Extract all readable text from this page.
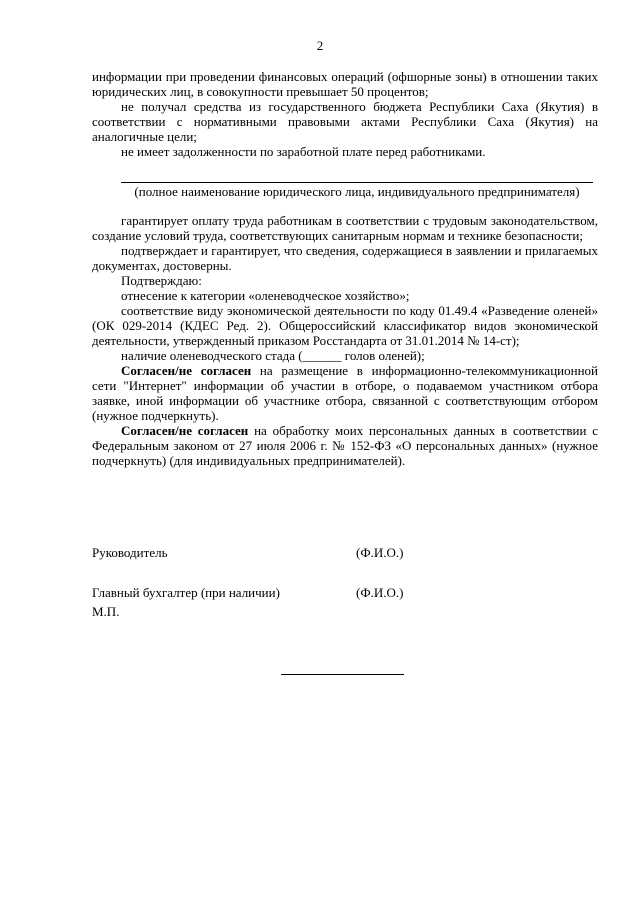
2

информации при проведении финансовых операций (офшорные зоны) в отношении таких юридических лиц, в совокупности превышает 50 процентов;

не получал средства из государственного бюджета Республики Саха (Якутия) в соответствии с нормативными правовыми актами Республики Саха (Якутия) на аналогичные цели;

не имеет задолженности по заработной плате перед работниками.

(полное наименование юридического лица, индивидуального предпринимателя)

гарантирует оплату труда работникам в соответствии с трудовым законодательством, создание условий труда, соответствующих санитарным нормам и технике безопасности;

подтверждает и гарантирует, что сведения, содержащиеся в заявлении и прилагаемых документах, достоверны.

Подтверждаю:

отнесение к категории «оленеводческое хозяйство»;

соответствие виду экономической деятельности по коду 01.49.4 «Разведение оленей» (ОК 029-2014 (КДЕС Ред. 2). Общероссийский классификатор видов экономической деятельности, утвержденный приказом Росстандарта от 31.01.2014 № 14-ст);

наличие оленеводческого стада (______ голов оленей);

Согласен/не согласен на размещение в информационно-телекоммуникационной сети "Интернет" информации об участии в отборе, о подаваемом участником отбора заявке, иной информации об участнике отбора, связанной с соответствующим отбором (нужное подчеркнуть).

Согласен/не согласен на обработку моих персональных данных в соответствии с Федеральным законом от 27 июля 2006 г. № 152-ФЗ «О персональных данных» (нужное подчеркнуть) (для индивидуальных предпринимателей).

Руководитель	(Ф.И.О.)
Главный бухгалтер (при наличии)	(Ф.И.О.)
М.П.
